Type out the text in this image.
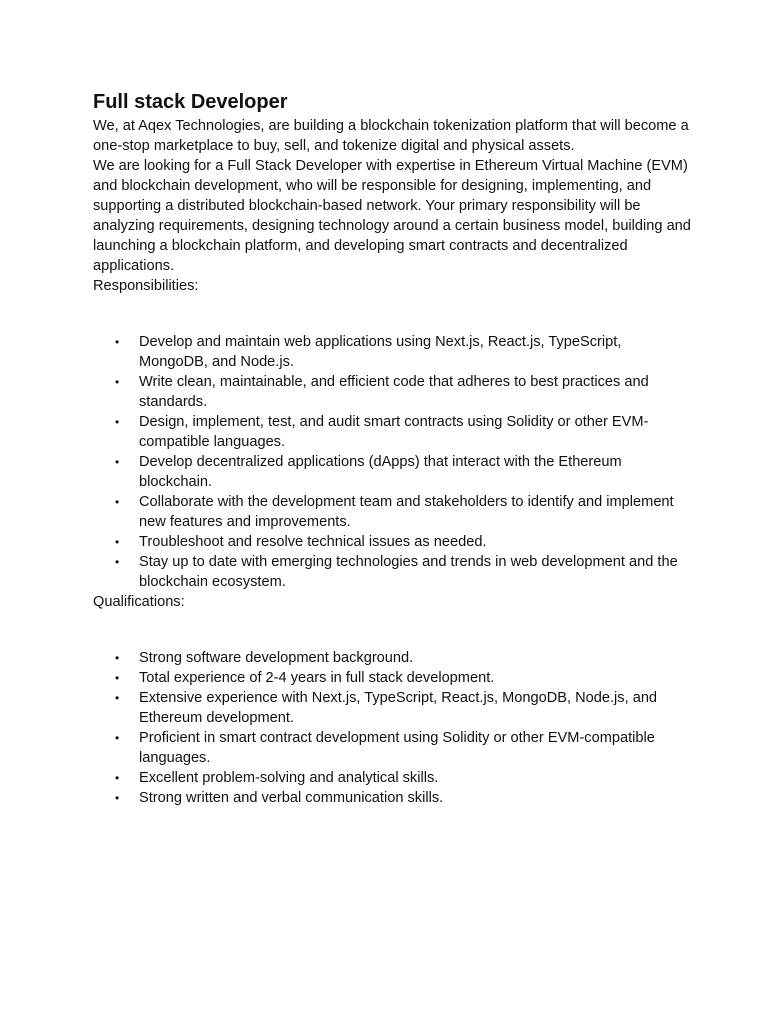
Full stack Developer

We, at Aqex Technologies, are building a blockchain tokenization platform that will become a one-stop marketplace to buy, sell, and tokenize digital and physical assets.

We are looking for a Full Stack Developer with expertise in Ethereum Virtual Machine (EVM) and blockchain development, who will be responsible for designing, implementing, and supporting a distributed blockchain-based network. Your primary responsibility will be analyzing requirements, designing technology around a certain business model, building and launching a blockchain platform, and developing smart contracts and decentralized applications.

Responsibilities:

• Develop and maintain web applications using Next.js, React.js, TypeScript, MongoDB, and Node.js.
• Write clean, maintainable, and efficient code that adheres to best practices and standards.
• Design, implement, test, and audit smart contracts using Solidity or other EVM-compatible languages.
• Develop decentralized applications (dApps) that interact with the Ethereum blockchain.
• Collaborate with the development team and stakeholders to identify and implement new features and improvements.
• Troubleshoot and resolve technical issues as needed.
• Stay up to date with emerging technologies and trends in web development and the blockchain ecosystem.

Qualifications:

• Strong software development background.
• Total experience of 2-4 years in full stack development.
• Extensive experience with Next.js, TypeScript, React.js, MongoDB, Node.js, and Ethereum development.
• Proficient in smart contract development using Solidity or other EVM-compatible languages.
• Excellent problem-solving and analytical skills.
• Strong written and verbal communication skills.
